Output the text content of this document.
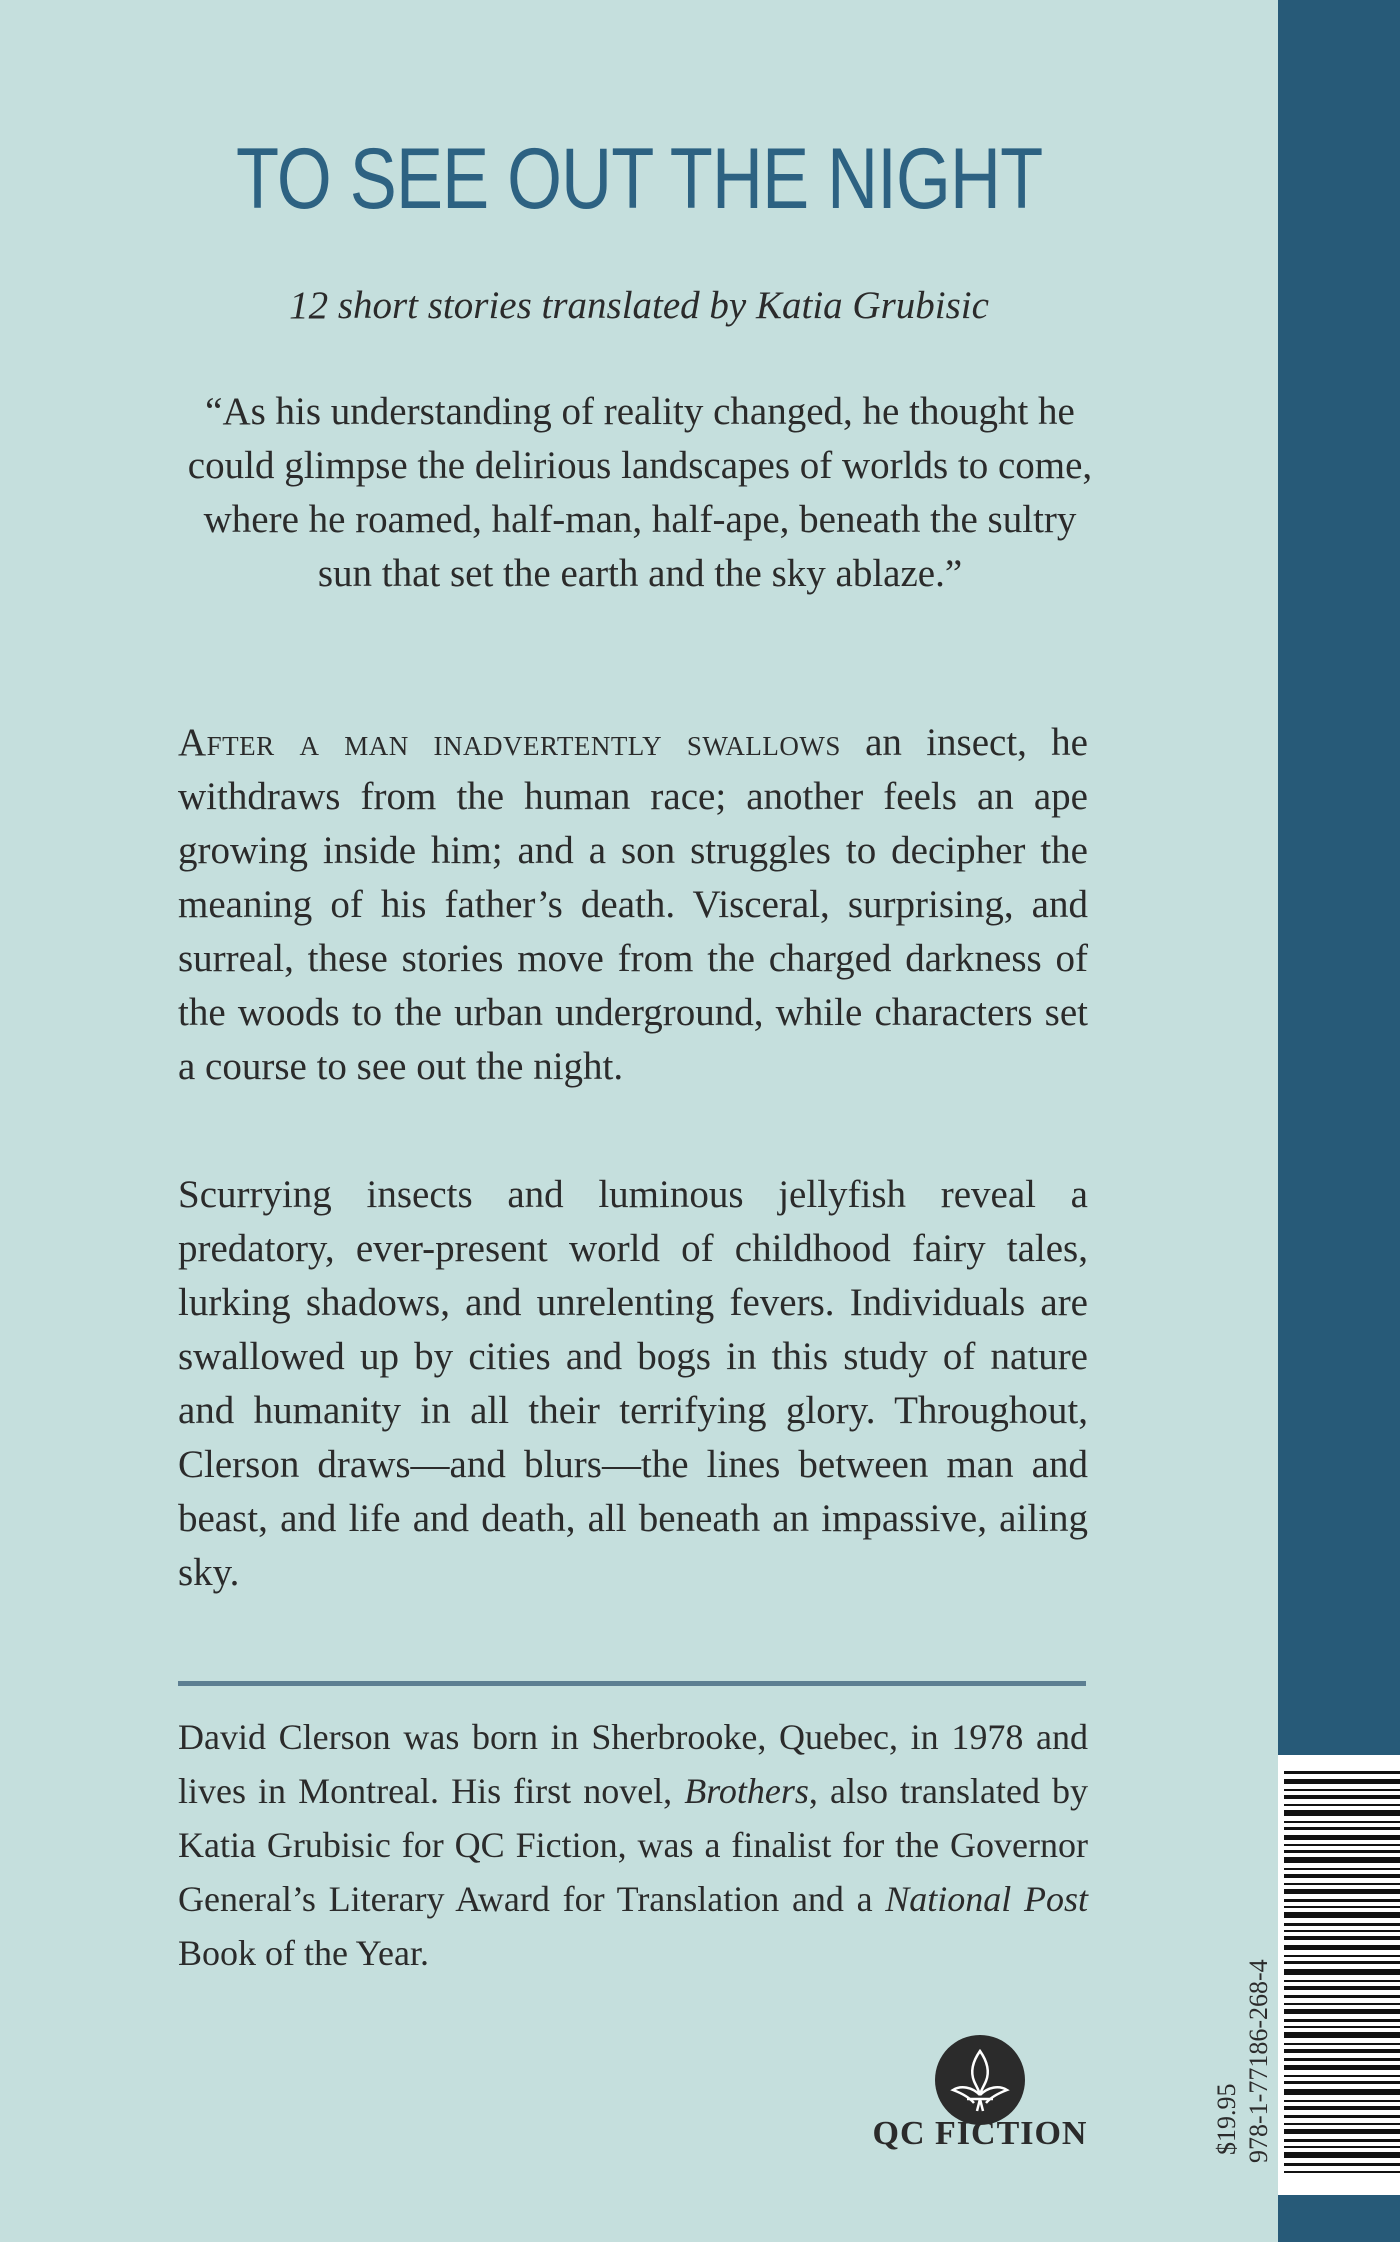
TO SEE OUT THE NIGHT
12 short stories translated by Katia Grubisic
“As his understanding of reality changed, he thought he could glimpse the delirious landscapes of worlds to come, where he roamed, half-man, half-ape, beneath the sultry sun that set the earth and the sky ablaze.”
After a man inadvertently swallows an insect, he withdraws from the human race; another feels an ape growing inside him; and a son struggles to decipher the meaning of his father’s death. Visceral, surprising, and surreal, these stories move from the charged darkness of the woods to the urban underground, while characters set a course to see out the night.
Scurrying insects and luminous jellyfish reveal a predatory, ever-present world of childhood fairy tales, lurking shadows, and unrelenting fevers. Individuals are swallowed up by cities and bogs in this study of nature and humanity in all their terrifying glory. Throughout, Clerson draws—and blurs—the lines between man and beast, and life and death, all beneath an impassive, ailing sky.
David Clerson was born in Sherbrooke, Quebec, in 1978 and lives in Montreal. His first novel, Brothers, also translated by Katia Grubisic for QC Fiction, was a finalist for the Governor General’s Literary Award for Translation and a National Post Book of the Year.
QC FICTION	$19.95 978-1-77186-268-4
